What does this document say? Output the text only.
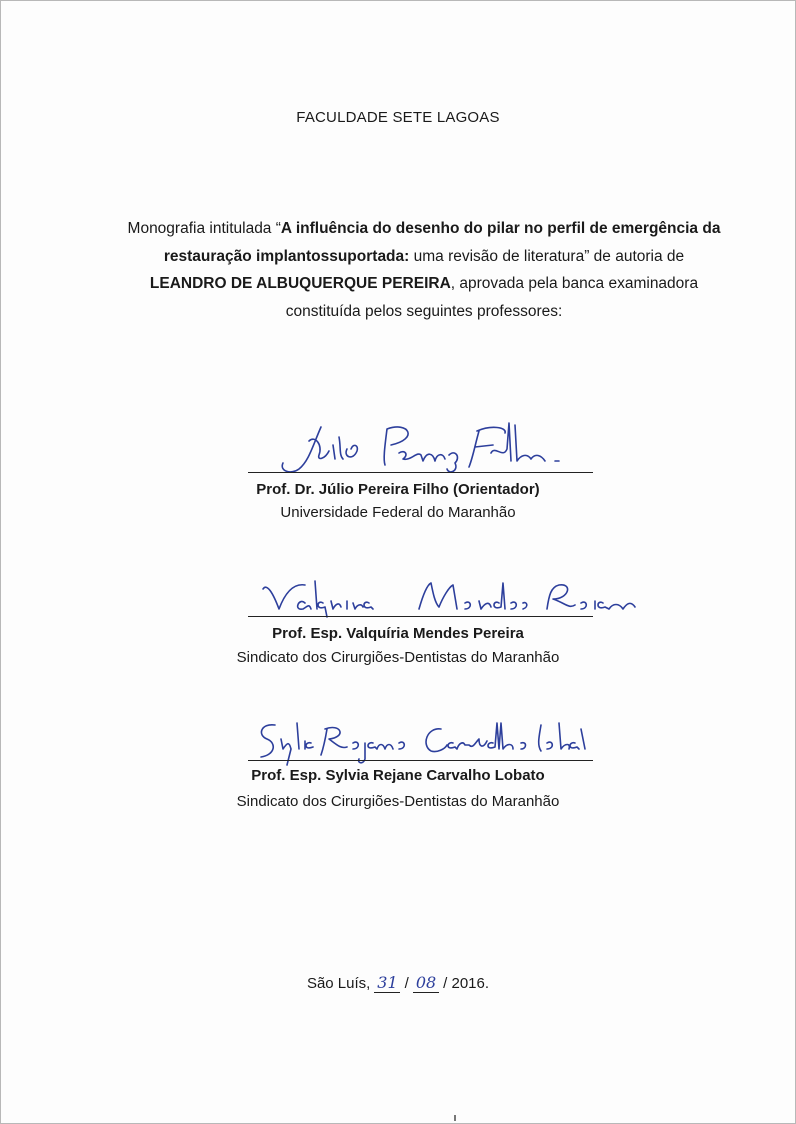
FACULDADE SETE LAGOAS
Monografia intitulada “A influência do desenho do pilar no perfil de emergência da restauração implantossuportada: uma revisão de literatura” de autoria de
LEANDRO DE ALBUQUERQUE PEREIRA, aprovada pela banca examinadora constituída pelos seguintes professores:
Prof. Dr. Júlio Pereira Filho (Orientador)
Universidade Federal do Maranhão
Prof. Esp. Valquíria Mendes Pereira
Sindicato dos Cirurgiões-Dentistas do Maranhão
Prof. Esp. Sylvia Rejane Carvalho Lobato
Sindicato dos Cirurgiões-Dentistas do Maranhão
São Luís, 31 / 08 / 2016.
